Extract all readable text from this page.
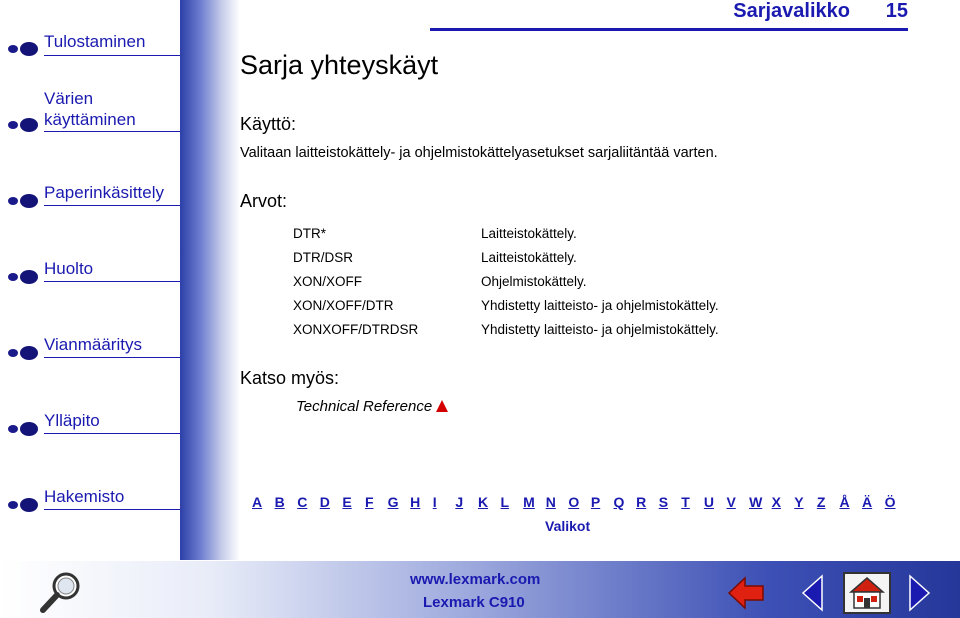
Tulostaminen
Värien käyttäminen
Paperinkäsittely
Huolto
Vianmääritys
Ylläpito
Hakemisto
Sarjavalikko 15
Sarja yhteyskäyt
Käyttö:
Valitaan laitteistokättely- ja ohjelmistokättelyasetukset sarjaliitäntää varten.
Arvot:
DTR*	Laitteistokättely.
DTR/DSR	Laitteistokättely.
XON/XOFF	Ohjelmistokättely.
XON/XOFF/DTR	Yhdistetty laitteisto- ja ohjelmistokättely.
XONXOFF/DTRDSR	Yhdistetty laitteisto- ja ohjelmistokättely.
Katso myös:
Technical Reference
A B C D E F	G H I	J	K L	M N O P Q R S T	U V W X Y Z	Å Ä Ö
Valikot
www.lexmark.com
Lexmark C910
